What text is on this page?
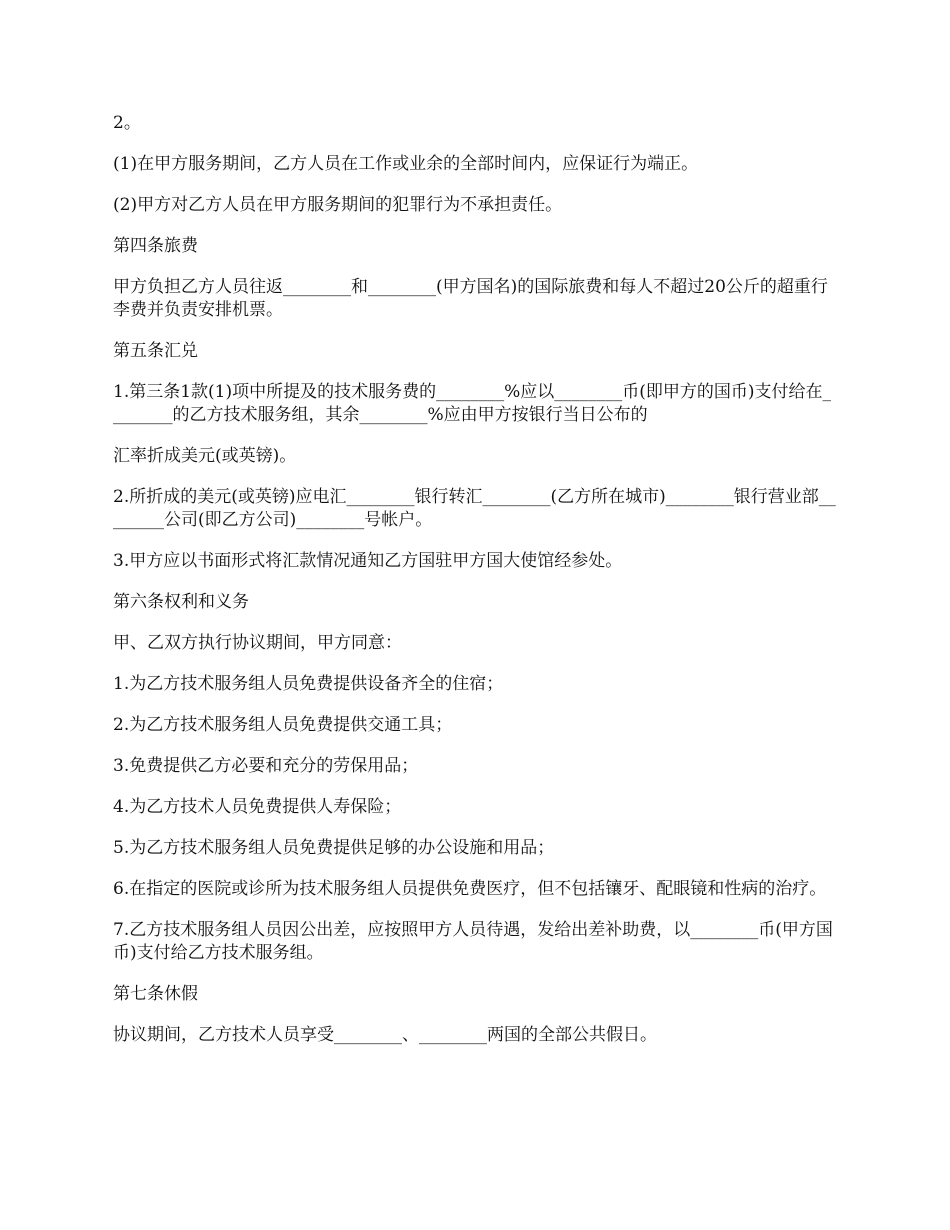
2。

(1)在甲方服务期间，乙方人员在工作或业余的全部时间内，应保证行为端正。

(2)甲方对乙方人员在甲方服务期间的犯罪行为不承担责任。

第四条旅费

甲方负担乙方人员往返________和________(甲方国名)的国际旅费和每人不超过20公斤的超重行李费并负责安排机票。

第五条汇兑

1.第三条1款(1)项中所提及的技术服务费的________%应以________币(即甲方的国币)支付给在________的乙方技术服务组，其余________%应由甲方按银行当日公布的

汇率折成美元(或英镑)。

2.所折成的美元(或英镑)应电汇________银行转汇________(乙方所在城市)________银行营业部________公司(即乙方公司)________号帐户。

3.甲方应以书面形式将汇款情况通知乙方国驻甲方国大使馆经参处。

第六条权利和义务

甲、乙双方执行协议期间，甲方同意：

1.为乙方技术服务组人员免费提供设备齐全的住宿；

2.为乙方技术服务组人员免费提供交通工具；

3.免费提供乙方必要和充分的劳保用品；

4.为乙方技术人员免费提供人寿保险；

5.为乙方技术服务组人员免费提供足够的办公设施和用品；

6.在指定的医院或诊所为技术服务组人员提供免费医疗，但不包括镶牙、配眼镜和性病的治疗。

7.乙方技术服务组人员因公出差，应按照甲方人员待遇，发给出差补助费，以________币(甲方国币)支付给乙方技术服务组。

第七条休假

协议期间，乙方技术人员享受________、________两国的全部公共假日。
